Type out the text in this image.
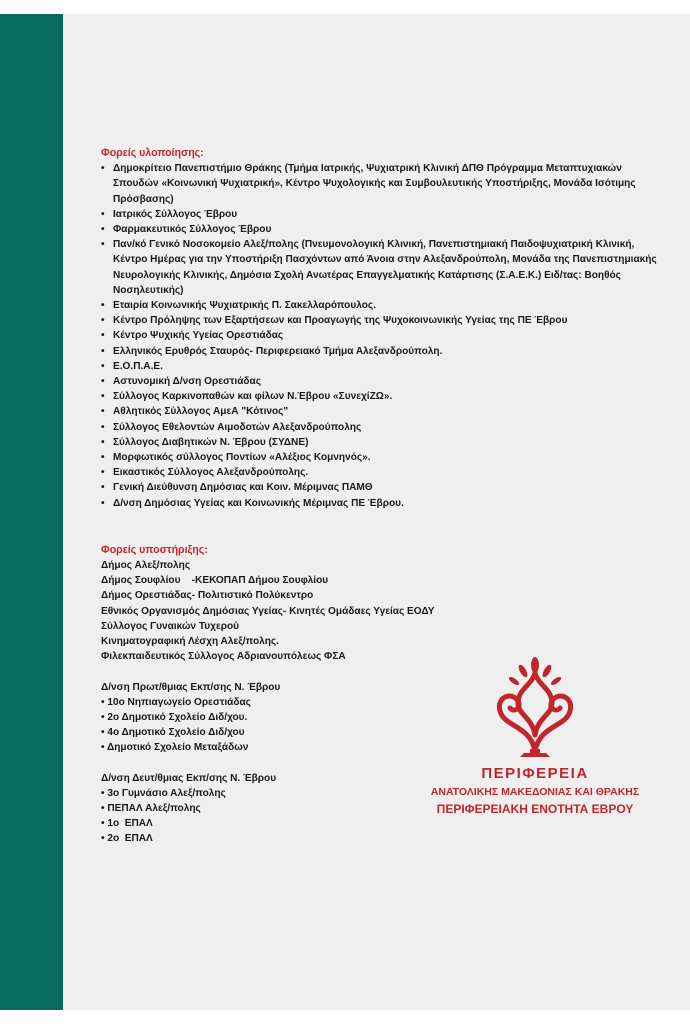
Φορείς υλοποίησης:

• Δημοκρίτειο Πανεπιστήμιο Θράκης (Τμήμα Ιατρικής, Ψυχιατρική Κλινική ΔΠΘ Πρόγραμμα Μεταπτυχιακών Σπουδών «Κοινωνική Ψυχιατρική», Κέντρο Ψυχολογικής και Συμβουλευτικής Υποστήριξης, Μονάδα Ισότιμης Πρόσβασης)
• Ιατρικός Σύλλογος Έβρου
• Φαρμακευτικός Σύλλογος Έβρου
• Παν/κό Γενικό Νοσοκομείο Αλεξ/πολης (Πνευμονολογική Κλινική, Πανεπιστημιακή Παιδοψυχιατρική Κλινική, Κέντρο Ημέρας για την Υποστήριξη Πασχόντων από Άνοια στην Αλεξανδρούπολη, Μονάδα της Πανεπιστημιακής Νευρολογικής Κλινικής, Δημόσια Σχολή Ανωτέρας Επαγγελματικής Κατάρτισης (Σ.Α.Ε.Κ.) Ειδ/τας: Βοηθός Νοσηλευτικής)
• Εταιρία Κοινωνικής Ψυχιατρικής Π. Σακελλαρόπουλος.
• Κέντρο Πρόληψης των Εξαρτήσεων και Προαγωγής της Ψυχοκοινωνικής Υγείας της ΠΕ Έβρου
• Κέντρο Ψυχικής Υγείας Ορεστιάδας
• Ελληνικός Ερυθρός Σταυρός- Περιφερειακό Τμήμα Αλεξανδρούπολη.
• Ε.Ο.Π.Α.Ε.
• Αστυνομική Δ/νση Ορεστιάδας
• Σύλλογος Καρκινοπαθών και φίλων Ν.Έβρου «ΣυνεχίΖΩ».
• Αθλητικός Σύλλογος ΑμεΑ "Κότινος"
• Σύλλογος Εθελοντών Αιμοδοτών Αλεξανδρούπολης
• Σύλλογος Διαβητικών Ν. Έβρου (ΣΥΔΝΕ)
• Μορφωτικός σύλλογος Ποντίων «Αλέξιος Κομνηνός».
• Εικαστικός Σύλλογος Αλεξανδρούπολης.
• Γενική Διεύθυνση Δημόσιας και Κοιν. Μέριμνας ΠΑΜΘ
• Δ/νση Δημόσιας Υγείας και Κοινωνικής Μέριμνας ΠΕ Έβρου.

Φορείς υποστήριξης:

Δήμος Αλεξ/πολης

Δήμος Σουφλίου    -ΚΕΚΟΠΑΠ Δήμου Σουφλίου

Δήμος Ορεστιάδας- Πολιτιστικό Πολύκεντρο

Εθνικός Οργανισμός Δημόσιας Υγείας- Κινητές Ομάδαες Υγείας ΕΟΔΥ

Σύλλογος Γυναικών Τυχερού

Κινηματογραφική Λέσχη Αλεξ/πολης.

Φιλεκπαιδευτικός Σύλλογος Αδριανουπόλεως ΦΣΑ

Δ/νση Πρωτ/θμιας Εκπ/σης Ν. Έβρου

• 10ο Νηπιαγωγείο Ορεστιάδας
• 2ο Δημοτικό Σχολείο Διδ/χου.
• 4ο Δημοτικό Σχολείο Διδ/χου
• Δημοτικό Σχολείο Μεταξάδων

Δ/νση Δευτ/θμιας Εκπ/σης Ν. Έβρου

• 3ο Γυμνάσιο Αλεξ/πολης
• ΠΕΠΑΛ Αλεξ/πολης
• 1ο  ΕΠΑΛ
• 2ο  ΕΠΑΛ
ΠΕΡΙΦΕΡΕΙΑ
ΑΝΑΤΟΛΙΚΗΣ ΜΑΚΕΔΟΝΙΑΣ ΚΑΙ ΘΡΑΚΗΣ
ΠΕΡΙΦΕΡΕΙΑΚΗ ΕΝΟΤΗΤΑ ΕΒΡΟΥ
